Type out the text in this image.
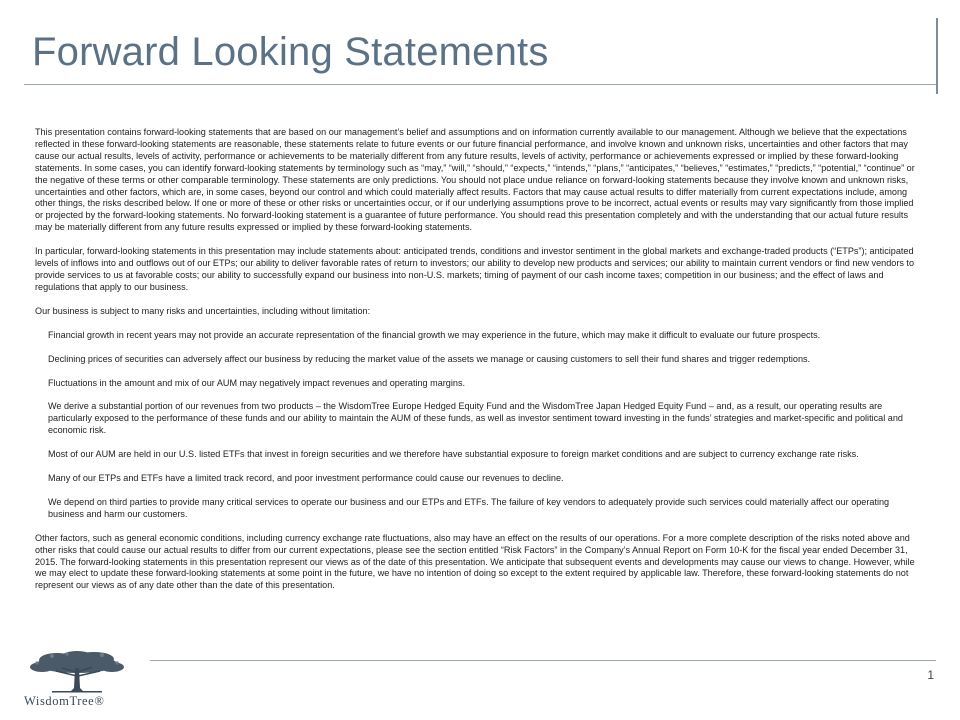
Forward Looking Statements

This presentation contains forward-looking statements that are based on our management’s belief and assumptions and on information currently available to our management. Although we believe that the expectations reflected in these forward-looking statements are reasonable, these statements relate to future events or our future financial performance, and involve known and unknown risks, uncertainties and other factors that may cause our actual results, levels of activity, performance or achievements to be materially different from any future results, levels of activity, performance or achievements expressed or implied by these forward-looking statements. In some cases, you can identify forward-looking statements by terminology such as “may,” “will,” “should,” “expects,” “intends,” “plans,” “anticipates,” “believes,” “estimates,” “predicts,” “potential,” “continue” or the negative of these terms or other comparable terminology. These statements are only predictions. You should not place undue reliance on forward-looking statements because they involve known and unknown risks, uncertainties and other factors, which are, in some cases, beyond our control and which could materially affect results. Factors that may cause actual results to differ materially from current expectations include, among other things, the risks described below. If one or more of these or other risks or uncertainties occur, or if our underlying assumptions prove to be incorrect, actual events or results may vary significantly from those implied or projected by the forward-looking statements. No forward-looking statement is a guarantee of future performance. You should read this presentation completely and with the understanding that our actual future results may be materially different from any future results expressed or implied by these forward-looking statements.

In particular, forward-looking statements in this presentation may include statements about: anticipated trends, conditions and investor sentiment in the global markets and exchange-traded products (“ETPs”); anticipated levels of inflows into and outflows out of our ETPs; our ability to deliver favorable rates of return to investors; our ability to develop new products and services; our ability to maintain current vendors or find new vendors to provide services to us at favorable costs; our ability to successfully expand our business into non-U.S. markets; timing of payment of our cash income taxes; competition in our business; and the effect of laws and regulations that apply to our business.

Our business is subject to many risks and uncertainties, including without limitation:

Financial growth in recent years may not provide an accurate representation of the financial growth we may experience in the future, which may make it difficult to evaluate our future prospects.

Declining prices of securities can adversely affect our business by reducing the market value of the assets we manage or causing customers to sell their fund shares and trigger redemptions.

Fluctuations in the amount and mix of our AUM may negatively impact revenues and operating margins.

We derive a substantial portion of our revenues from two products – the WisdomTree Europe Hedged Equity Fund and the WisdomTree Japan Hedged Equity Fund – and, as a result, our operating results are particularly exposed to the performance of these funds and our ability to maintain the AUM of these funds, as well as investor sentiment toward investing in the funds’ strategies and market-specific and political and economic risk.

Most of our AUM are held in our U.S. listed ETFs that invest in foreign securities and we therefore have substantial exposure to foreign market conditions and are subject to currency exchange rate risks.

Many of our ETPs and ETFs have a limited track record, and poor investment performance could cause our revenues to decline.

We depend on third parties to provide many critical services to operate our business and our ETPs and ETFs. The failure of key vendors to adequately provide such services could materially affect our operating business and harm our customers.

Other factors, such as general economic conditions, including currency exchange rate fluctuations, also may have an effect on the results of our operations. For a more complete description of the risks noted above and other risks that could cause our actual results to differ from our current expectations, please see the section entitled “Risk Factors” in the Company’s Annual Report on Form 10-K for the fiscal year ended December 31, 2015. The forward-looking statements in this presentation represent our views as of the date of this presentation. We anticipate that subsequent events and developments may cause our views to change. However, while we may elect to update these forward-looking statements at some point in the future, we have no intention of doing so except to the extent required by applicable law. Therefore, these forward-looking statements do not represent our views as of any date other than the date of this presentation.

WisdomTree®
1
